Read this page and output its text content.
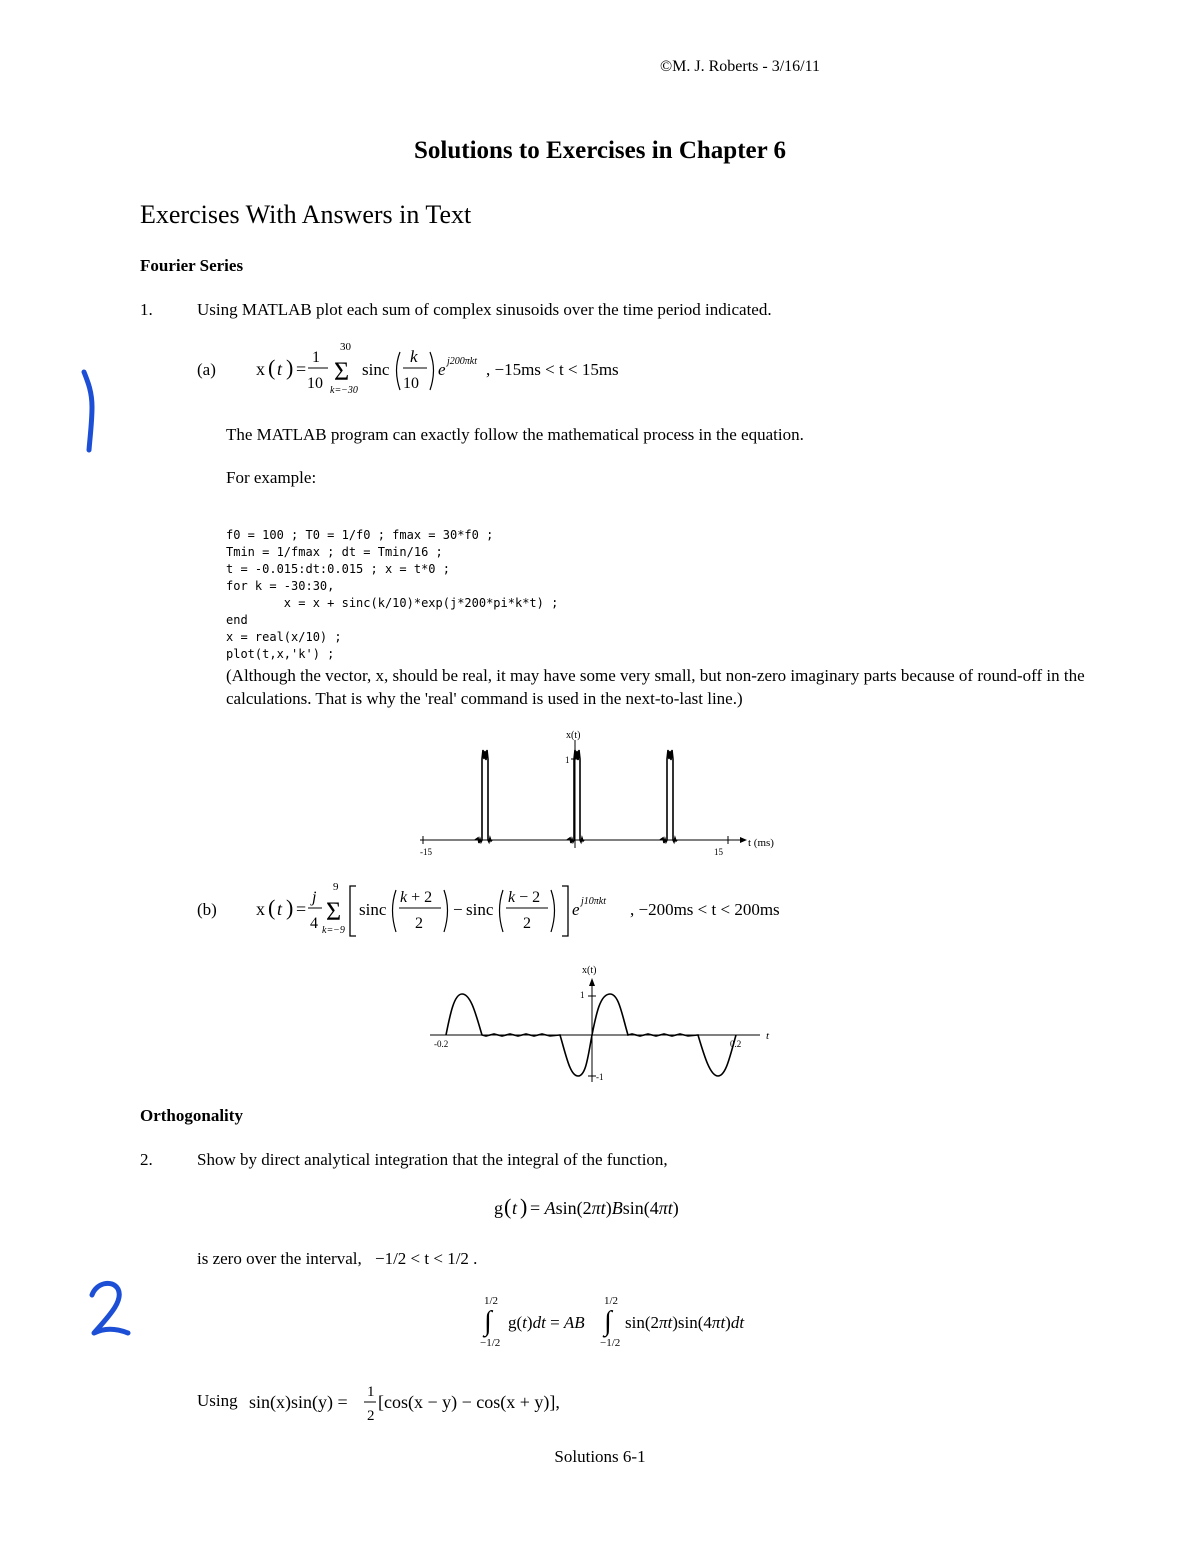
©M. J. Roberts - 3/16/11
Solutions to Exercises in Chapter 6
Exercises With Answers in Text
Fourier Series
1.	Using MATLAB plot each sum of complex sinusoids over the time period indicated.
(a) x ( t ) =
1
10
30
Σ
k=−30
sinc
k
10
e j200πkt , −15ms < t < 15ms
The MATLAB program can exactly follow the mathematical process in the equation.
For example:

f0 = 100 ; T0 = 1/f0 ; fmax = 30*f0 ;
Tmin = 1/fmax ; dt = Tmin/16 ;
t = -0.015:dt:0.015 ; x = t*0 ;
for k = -30:30,
x = x + sinc(k/10)*exp(j*200*pi*k*t) ;
end
x = real(x/10) ;
plot(t,x,'k') ;

(Although the vector, x, should be real, it may have some very small, but non-zero imaginary parts because of round-off in the calculations. That is why the 'real' command is used in the next-to-last line.)
x(t)
1
-15	15
t (ms)
(b) x ( t ) =
j
4
9
Σ
k=−9
sinc
k + 2
2
− sinc
k − 2
2
e j10πkt , −200ms < t < 200ms
x(t)
1
-1
-0.2	0.2
t
Orthogonality
2.	Show by direct analytical integration that the integral of the function,
g ( t ) = Asin(2πt)Bsin(4πt)
is zero over the interval, −1/2 < t < 1/2 .
1/2
∫
−1/2
g(t)dt = AB
1/2
∫
−1/2
sin(2πt)sin(4πt)dt
Using sin(x)sin(y) = 1
2
[cos(x − y) − cos(x + y)],
Solutions 6-1
